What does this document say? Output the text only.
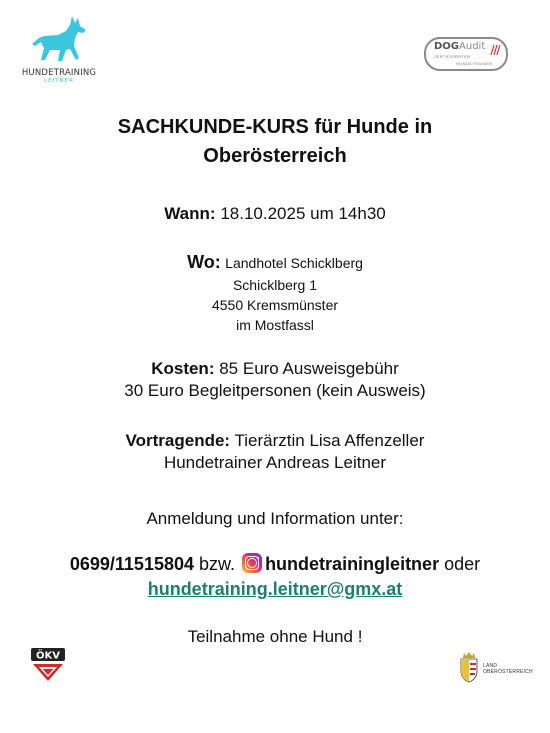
HUNDETRAINING
LEITNER
DOGAudit
ZERTIFIZIERTER
HUNDETRAINER
SACHKUNDE-KURS für Hunde in
Oberösterreich
Wann: 18.10.2025 um 14h30
Wo: Landhotel Schicklberg
Schicklberg 1
4550 Kremsmünster
im Mostfassl
Kosten: 85 Euro Ausweisgebühr
30 Euro Begleitpersonen (kein Ausweis)
Vortragende: Tierärztin Lisa Affenzeller
Hundetrainer Andreas Leitner
Anmeldung und Information unter:
0699/11515804 bzw. hundetrainingleitner oder
hundetraining.leitner@gmx.at
Teilnahme ohne Hund !
ÖKV
LAND
OBERÖSTERREICH
